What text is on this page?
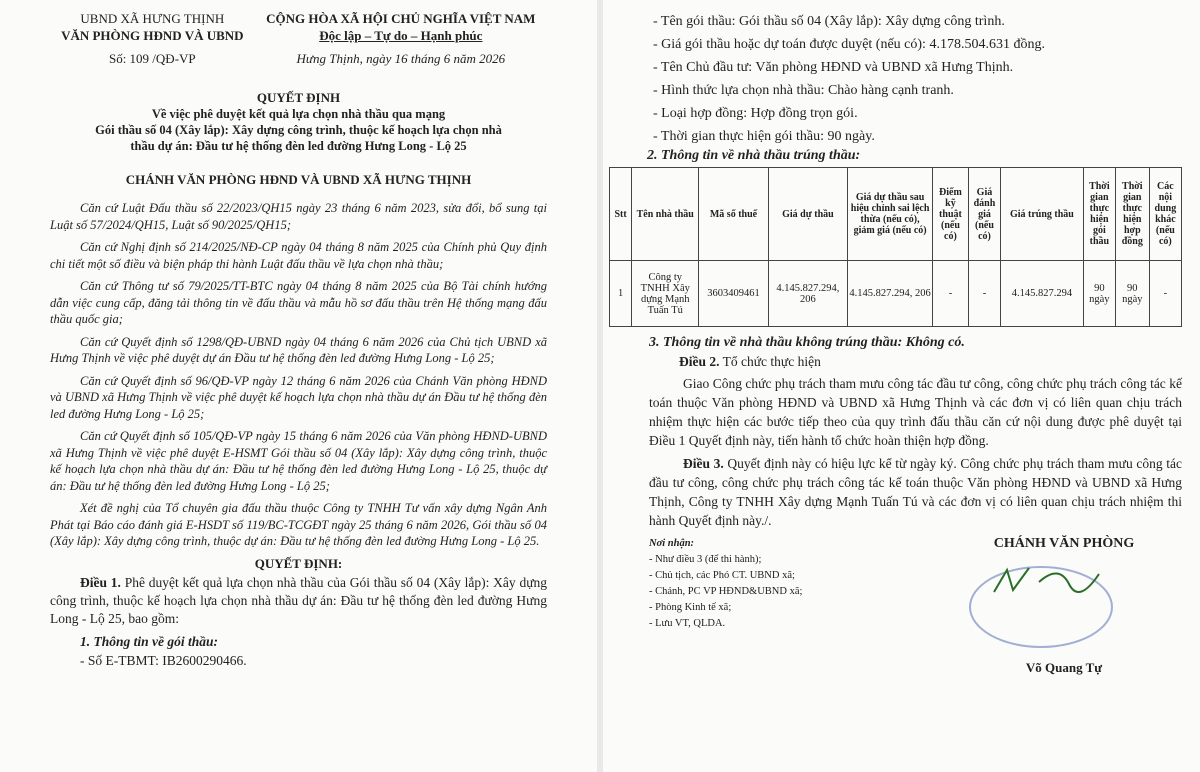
UBND XÃ HƯNG THỊNH
VĂN PHÒNG HĐND VÀ UBND
Số: 109 /QĐ-VP
CỘNG HÒA XÃ HỘI CHỦ NGHĨA VIỆT NAM
Độc lập – Tự do – Hạnh phúc
Hưng Thịnh, ngày 16 tháng 6 năm 2026
QUYẾT ĐỊNH
Về việc phê duyệt kết quả lựa chọn nhà thầu qua mạng
Gói thầu số 04 (Xây lắp): Xây dựng công trình, thuộc kế hoạch lựa chọn nhà
thầu dự án: Đầu tư hệ thống đèn led đường Hưng Long - Lộ 25
CHÁNH VĂN PHÒNG HĐND VÀ UBND XÃ HƯNG THỊNH

Căn cứ Luật Đấu thầu số 22/2023/QH15 ngày 23 tháng 6 năm 2023, sửa đổi, bổ sung tại Luật số 57/2024/QH15, Luật số 90/2025/QH15;

Căn cứ Nghị định số 214/2025/NĐ-CP ngày 04 tháng 8 năm 2025 của Chính phủ Quy định chi tiết một số điều và biện pháp thi hành Luật đấu thầu về lựa chọn nhà thầu;

Căn cứ Thông tư số 79/2025/TT-BTC ngày 04 tháng 8 năm 2025 của Bộ Tài chính hướng dẫn việc cung cấp, đăng tải thông tin về đấu thầu và mẫu hồ sơ đấu thầu trên Hệ thống mạng đấu thầu quốc gia;

Căn cứ Quyết định số 1298/QĐ-UBND ngày 04 tháng 6 năm 2026 của Chủ tịch UBND xã Hưng Thịnh về việc phê duyệt dự án Đầu tư hệ thống đèn led đường Hưng Long - Lộ 25;

Căn cứ Quyết định số 96/QĐ-VP ngày 12 tháng 6 năm 2026 của Chánh Văn phòng HĐND và UBND xã Hưng Thịnh về việc phê duyệt kế hoạch lựa chọn nhà thầu dự án Đầu tư hệ thống đèn led đường Hưng Long - Lộ 25;

Căn cứ Quyết định số 105/QĐ-VP ngày 15 tháng 6 năm 2026 của Văn phòng HĐND-UBND xã Hưng Thịnh về việc phê duyệt E-HSMT Gói thầu số 04 (Xây lắp): Xây dựng công trình, thuộc kế hoạch lựa chọn nhà thầu dự án: Đầu tư hệ thống đèn led đường Hưng Long - Lộ 25, thuộc dự án: Đầu tư hệ thống đèn led đường Hưng Long - Lộ 25;

Xét đề nghị của Tổ chuyên gia đấu thầu thuộc Công ty TNHH Tư vấn xây dựng Ngân Anh Phát tại Báo cáo đánh giá E-HSDT số 119/BC-TCGĐT ngày 25 tháng 6 năm 2026, Gói thầu số 04 (Xây lắp): Xây dựng công trình, thuộc dự án: Đầu tư hệ thống đèn led đường Hưng Long - Lộ 25.

QUYẾT ĐỊNH:

Điều 1. Phê duyệt kết quả lựa chọn nhà thầu của Gói thầu số 04 (Xây lắp): Xây dựng công trình, thuộc kế hoạch lựa chọn nhà thầu dự án: Đầu tư hệ thống đèn led đường Hưng Long - Lộ 25, bao gồm:

1. Thông tin về gói thầu:
- Số E-TBMT: IB2600290466.
- Tên gói thầu: Gói thầu số 04 (Xây lắp): Xây dựng công trình.
- Giá gói thầu hoặc dự toán được duyệt (nếu có): 4.178.504.631 đồng.
- Tên Chủ đầu tư: Văn phòng HĐND và UBND xã Hưng Thịnh.
- Hình thức lựa chọn nhà thầu: Chào hàng cạnh tranh.
- Loại hợp đồng: Hợp đồng trọn gói.
- Thời gian thực hiện gói thầu: 90 ngày.
2. Thông tin về nhà thầu trúng thầu:
Stt	Tên nhà thầu	Mã số thuế	Giá dự thầu	Giá dự thầu sau hiệu chỉnh sai lệch thừa (nếu có), giảm giá (nếu có)	Điểm kỹ thuật (nếu có)	Giá đánh giá (nếu có)	Giá trúng thầu	Thời gian thực hiện gói thầu	Thời gian thực hiện hợp đồng	Các nội dung khác (nếu có)
1	Công ty TNHH Xây dựng Mạnh Tuấn Tú	3603409461	4.145.827.294, 206	4.145.827.294, 206	-	-	4.145.827.294	90 ngày	90 ngày	-
3. Thông tin về nhà thầu không trúng thầu: Không có.
Điều 2. Tổ chức thực hiện

Giao Công chức phụ trách tham mưu công tác đầu tư công, công chức phụ trách công tác kế toán thuộc Văn phòng HĐND và UBND xã Hưng Thịnh và các đơn vị có liên quan chịu trách nhiệm thực hiện các bước tiếp theo của quy trình đấu thầu căn cứ nội dung được phê duyệt tại Điều 1 Quyết định này, tiến hành tổ chức hoàn thiện hợp đồng.

Điều 3. Quyết định này có hiệu lực kể từ ngày ký. Công chức phụ trách tham mưu công tác đầu tư công, công chức phụ trách công tác kế toán thuộc Văn phòng HĐND và UBND xã Hưng Thịnh, Công ty TNHH Xây dựng Mạnh Tuấn Tú và các đơn vị có liên quan chịu trách nhiệm thi hành Quyết định này./.

Nơi nhận:
- Như điều 3 (để thi hành);
- Chủ tịch, các Phó CT. UBND xã;
- Chánh, PC VP HĐND&UBND xã;
- Phòng Kinh tế xã;
- Lưu VT, QLDA.
CHÁNH VĂN PHÒNG
Võ Quang Tự
